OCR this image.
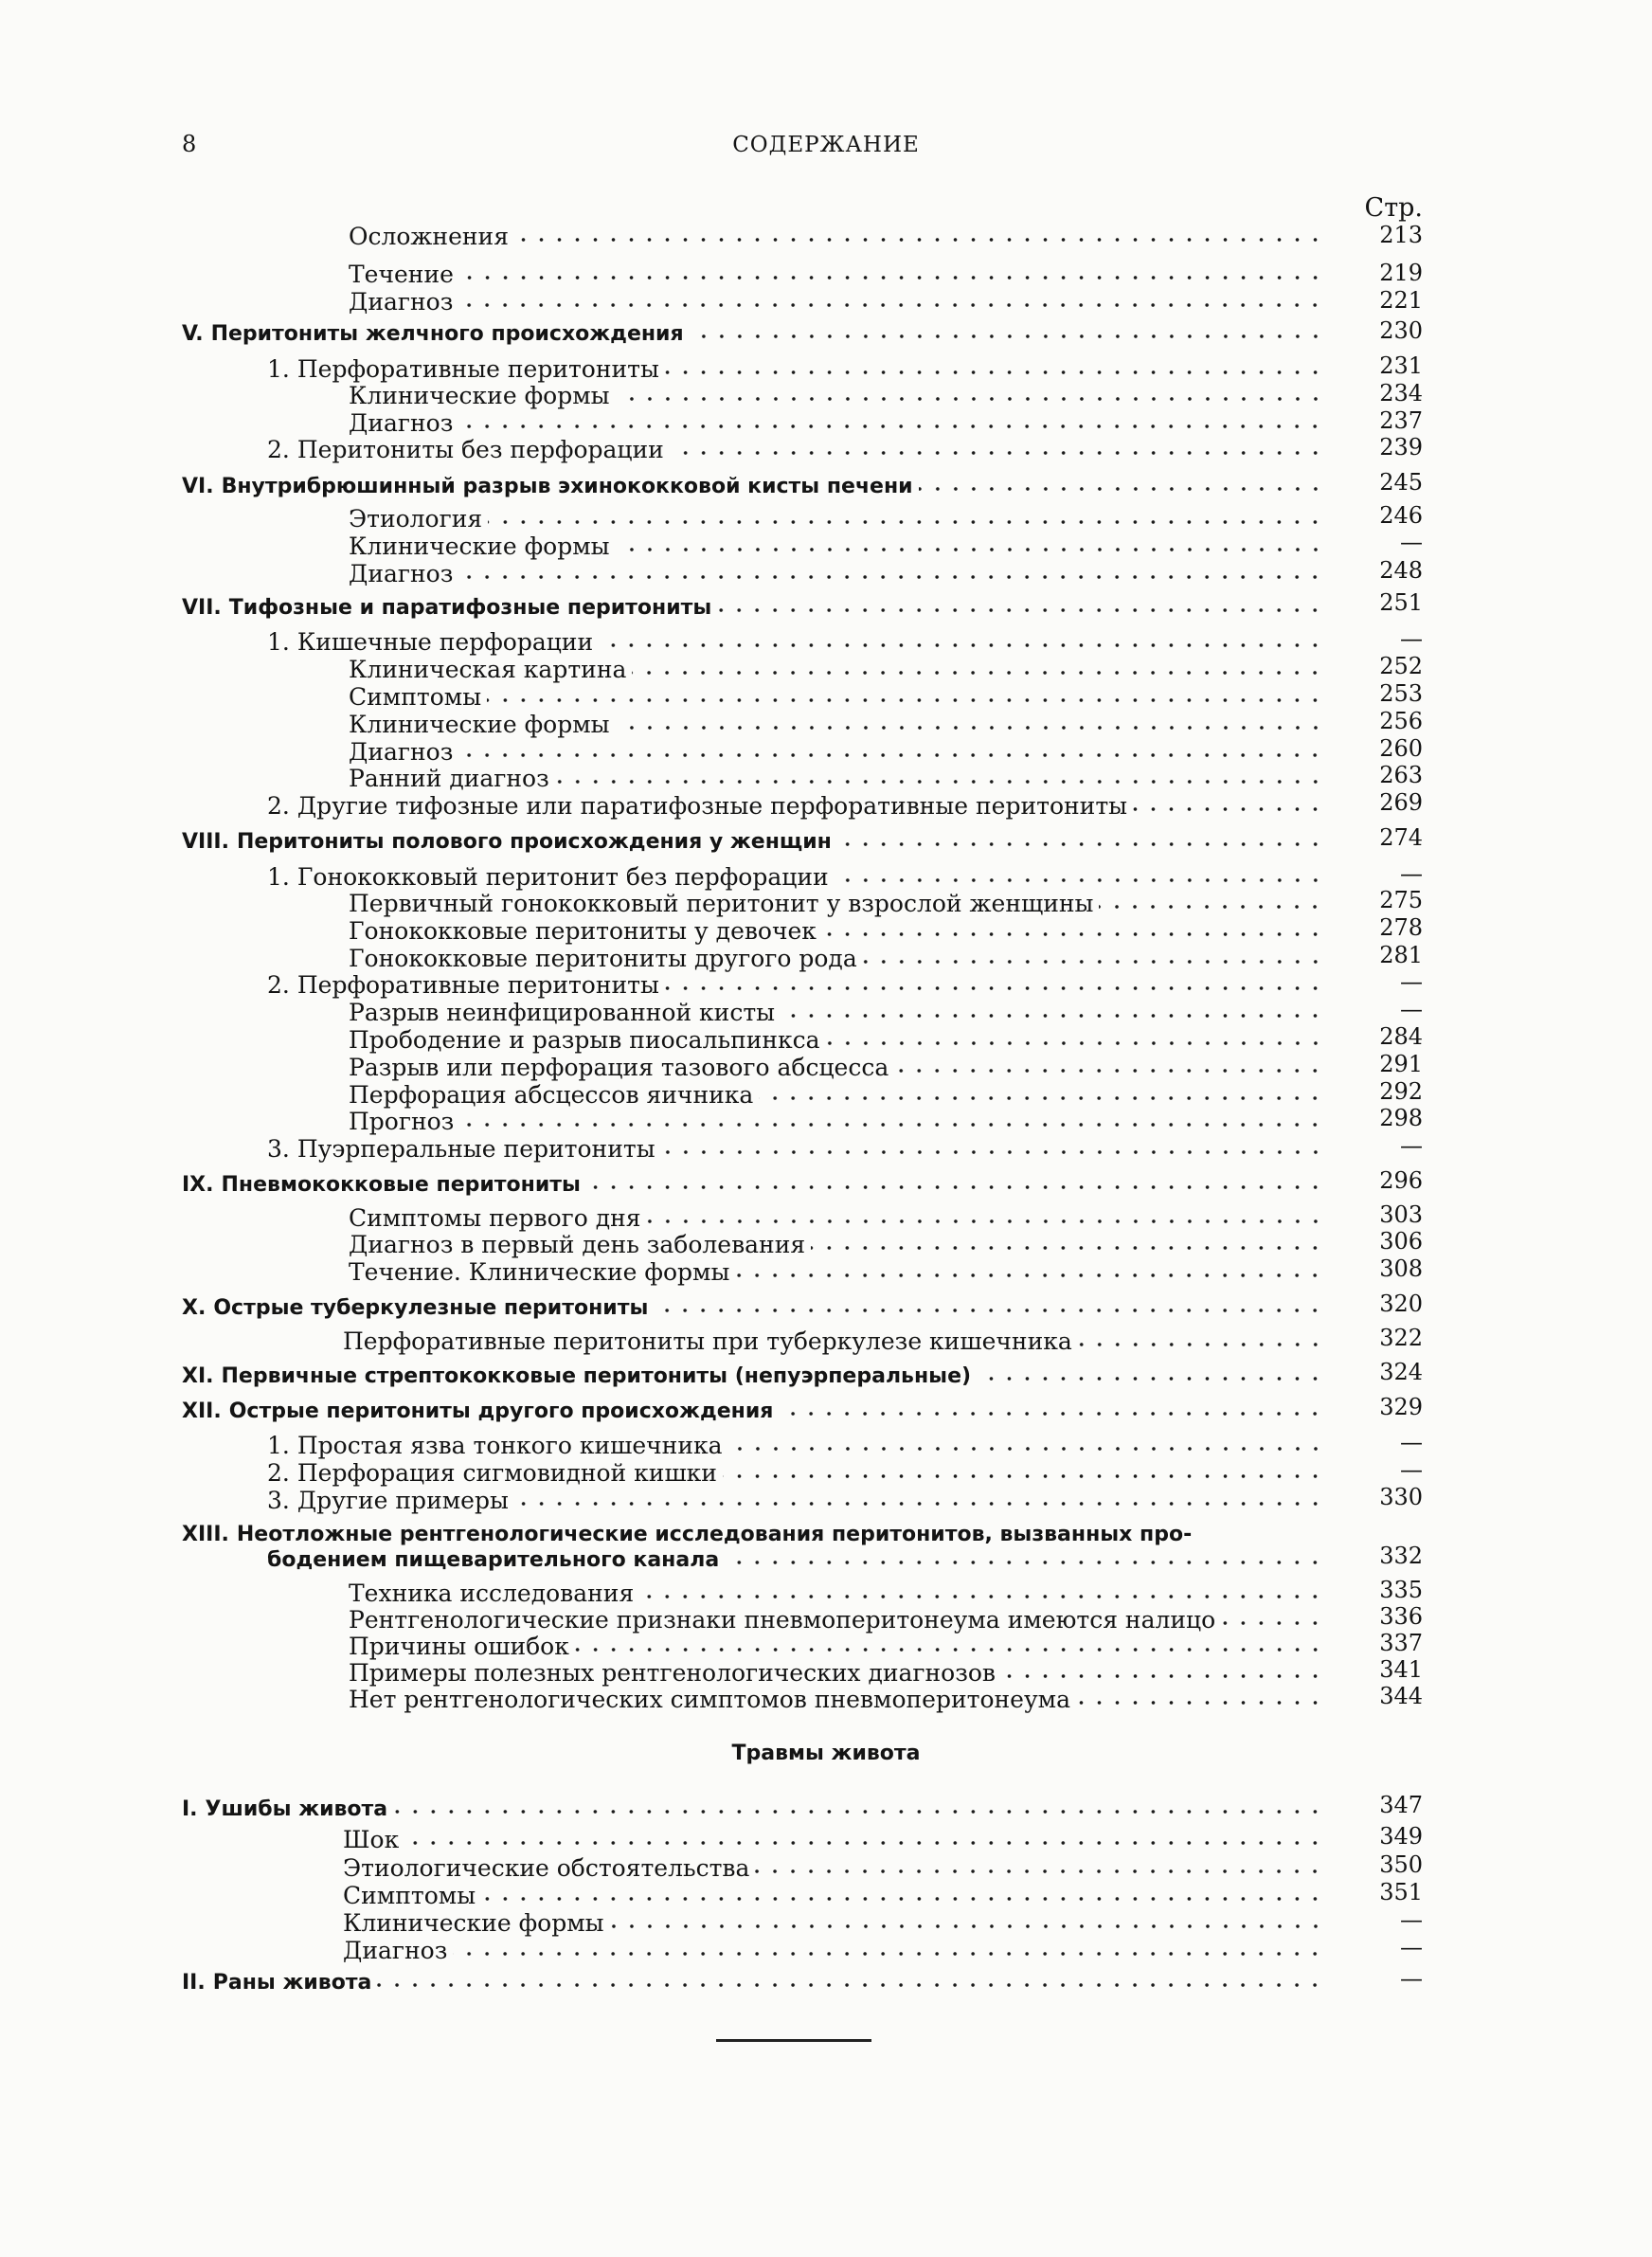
8	СОДЕРЖАНИЕ
Стр.
Осложнения	213
Течение	219
Диагноз	221
V. Перитониты желчного происхождения	230
1. Перфоративные перитониты	231
Клинические формы	234
Диагноз	237
2. Перитониты без перфорации	239
VI. Внутрибрюшинный разрыв эхинококковой кисты печени	245
Этиология	246
Клинические формы	—
Диагноз	248
VII. Тифозные и паратифозные перитониты	251
1. Кишечные перфорации	—
Клиническая картина	252
Симптомы	253
Клинические формы	256
Диагноз	260
Ранний диагноз	263
2. Другие тифозные или паратифозные перфоративные перитониты	269
VIII. Перитониты полового происхождения у женщин	274
1. Гонококковый перитонит без перфорации	—
Первичный гонококковый перитонит у взрослой женщины	275
Гонококковые перитониты у девочек	278
Гонококковые перитониты другого рода	281
2. Перфоративные перитониты	—
Разрыв неинфицированной кисты	—
Прободение и разрыв пиосальпинкса	284
Разрыв или перфорация тазового абсцесса	291
Перфорация абсцессов яичника	292
Прогноз	298
3. Пуэрперальные перитониты	—
IX. Пневмококковые перитониты	296
Симптомы первого дня	303
Диагноз в первый день заболевания	306
Течение. Клинические формы	308
X. Острые туберкулезные перитониты	320
Перфоративные перитониты при туберкулезе кишечника	322
XI. Первичные стрептококковые перитониты (непуэрперальные)	324
XII. Острые перитониты другого происхождения	329
1. Простая язва тонкого кишечника	—
2. Перфорация сигмовидной кишки	—
3. Другие примеры	330
XIII. Неотложные рентгенологические исследования перитонитов, вызванных про-
бодением пищеварительного канала	332
Техника исследования	335
Рентгенологические признаки пневмоперитонеума имеются налицо	336
Причины ошибок	337
Примеры полезных рентгенологических диагнозов	341
Нет рентгенологических симптомов пневмоперитонеума	344
Травмы живота
I. Ушибы живота	347
Шок	349
Этиологические обстоятельства	350
Симптомы	351
Клинические формы	—
Диагноз	—
II. Раны живота	—
